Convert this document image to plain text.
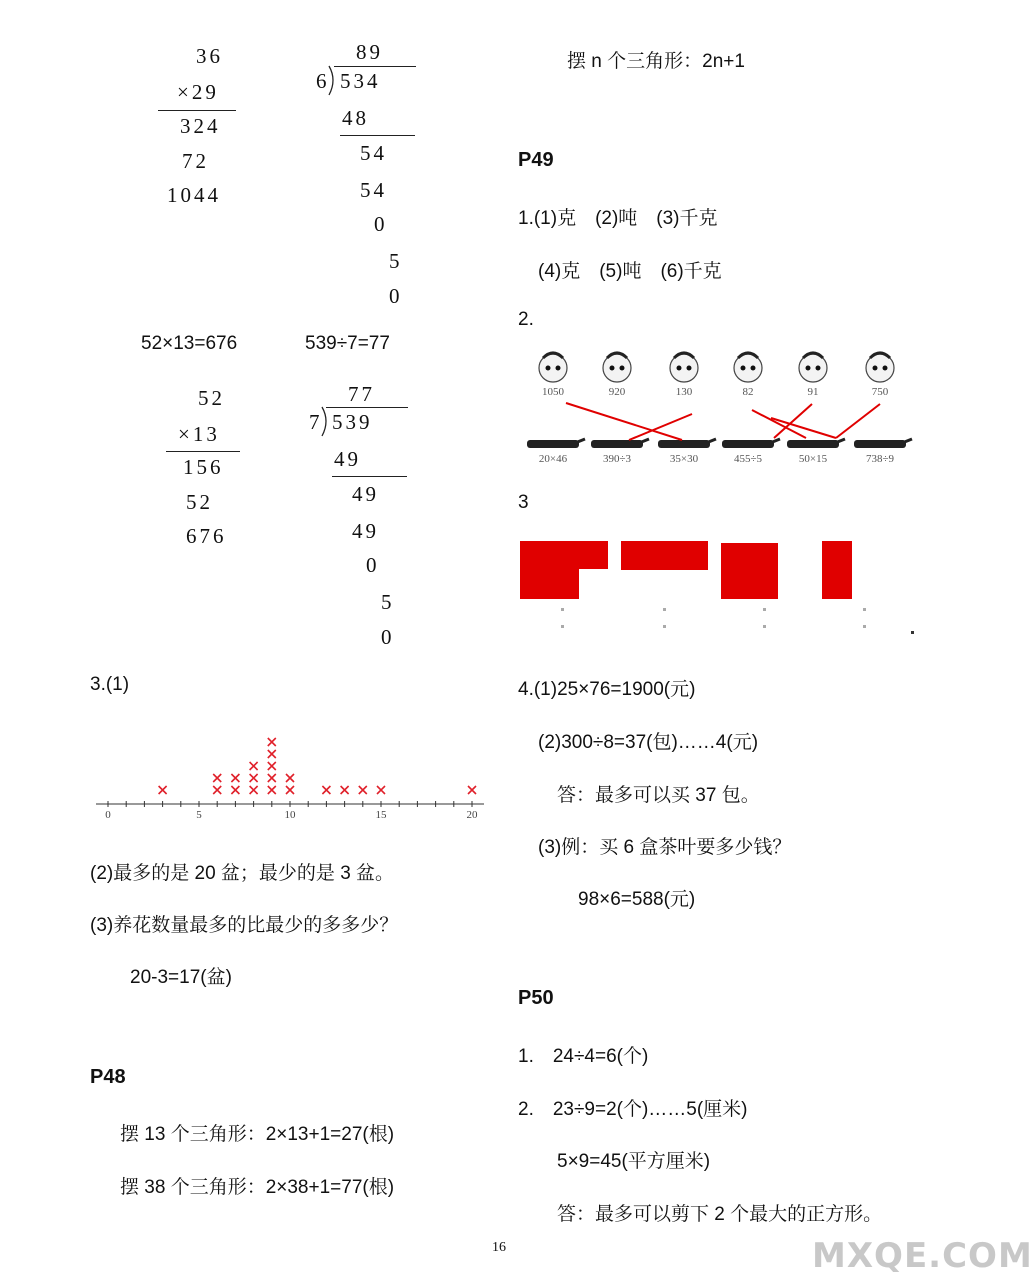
36
×29
324
72
1044
89
6 534
48
54
54
0
5
0
52×13=676	539÷7=77
52
×13
156
52
676
77
7 539
49
49
49
0
5
0
3.(1)
0	5	10	15	20
(2)最多的是 20 盆；最少的是 3 盆。
(3)养花数量最多的比最少的多多少？
20-3=17(盆)
P48
摆 13 个三角形：2×13+1=27(根)
摆 38 个三角形：2×38+1=77(根)
摆 n 个三角形：2n+1
P49
1.(1)克　(2)吨　(3)千克
(4)克　(5)吨　(6)千克
2.
1050
20×46
920
390÷3
130
35×30
82
455÷5
91
50×15
750
738÷9
3
4.(1)25×76=1900(元)
(2)300÷8=37(包)……4(元)
答：最多可以买 37 包。
(3)例：买 6 盒茶叶要多少钱？
98×6=588(元)
P50
1.　24÷4=6(个)
2.　23÷9=2(个)……5(厘米)
5×9=45(平方厘米)
答：最多可以剪下 2 个最大的正方形。
16	MXQE.COM
